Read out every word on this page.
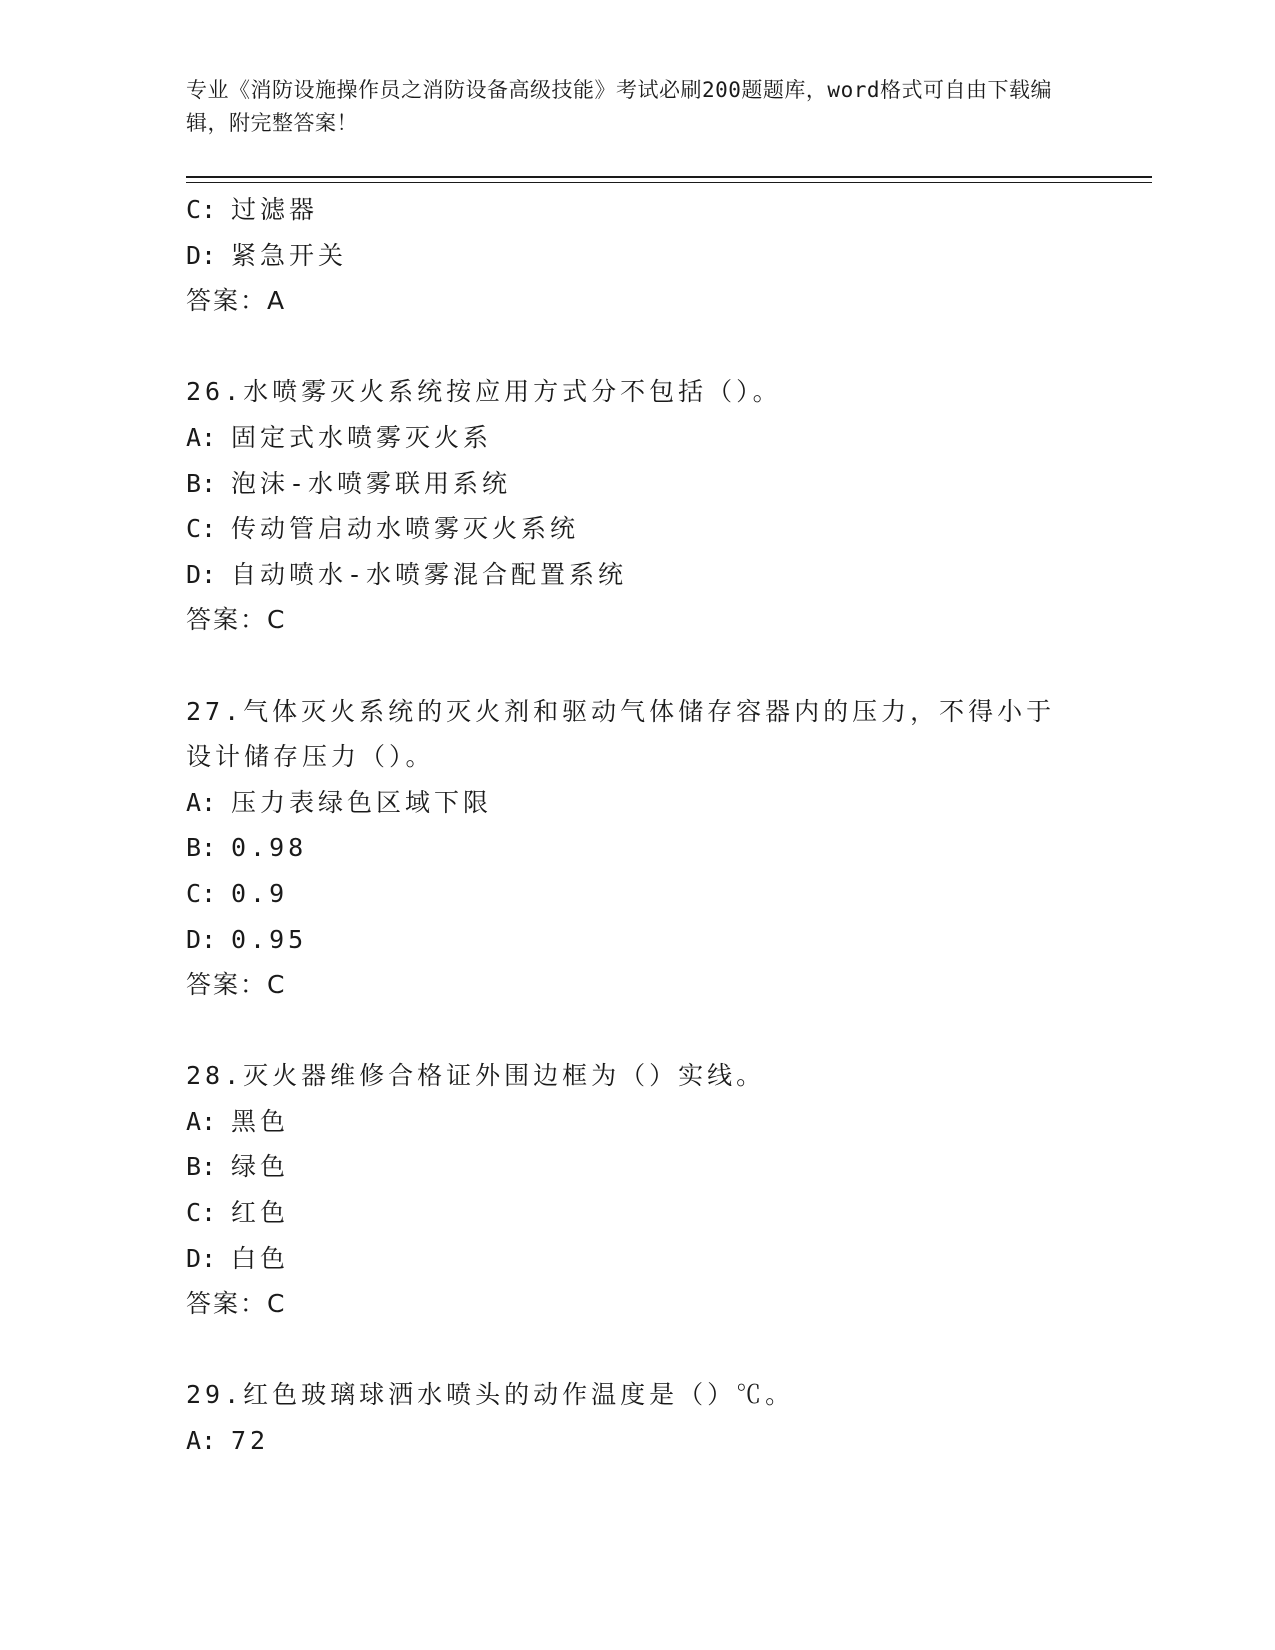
专业《消防设施操作员之消防设备高级技能》考试必刷200题题库，word格式可自由下载编辑，附完整答案！
C: 过滤器
D: 紧急开关
答案：A
26.水喷雾灭火系统按应用方式分不包括（）。
A: 固定式水喷雾灭火系
B: 泡沫-水喷雾联用系统
C: 传动管启动水喷雾灭火系统
D: 自动喷水-水喷雾混合配置系统
答案：C
27.气体灭火系统的灭火剂和驱动气体储存容器内的压力，不得小于设计储存压力（）。
A: 压力表绿色区域下限
B: 0.98
C: 0.9
D: 0.95
答案：C
28.灭火器维修合格证外围边框为（）实线。
A: 黑色
B: 绿色
C: 红色
D: 白色
答案：C
29.红色玻璃球洒水喷头的动作温度是（）℃。
A: 72
